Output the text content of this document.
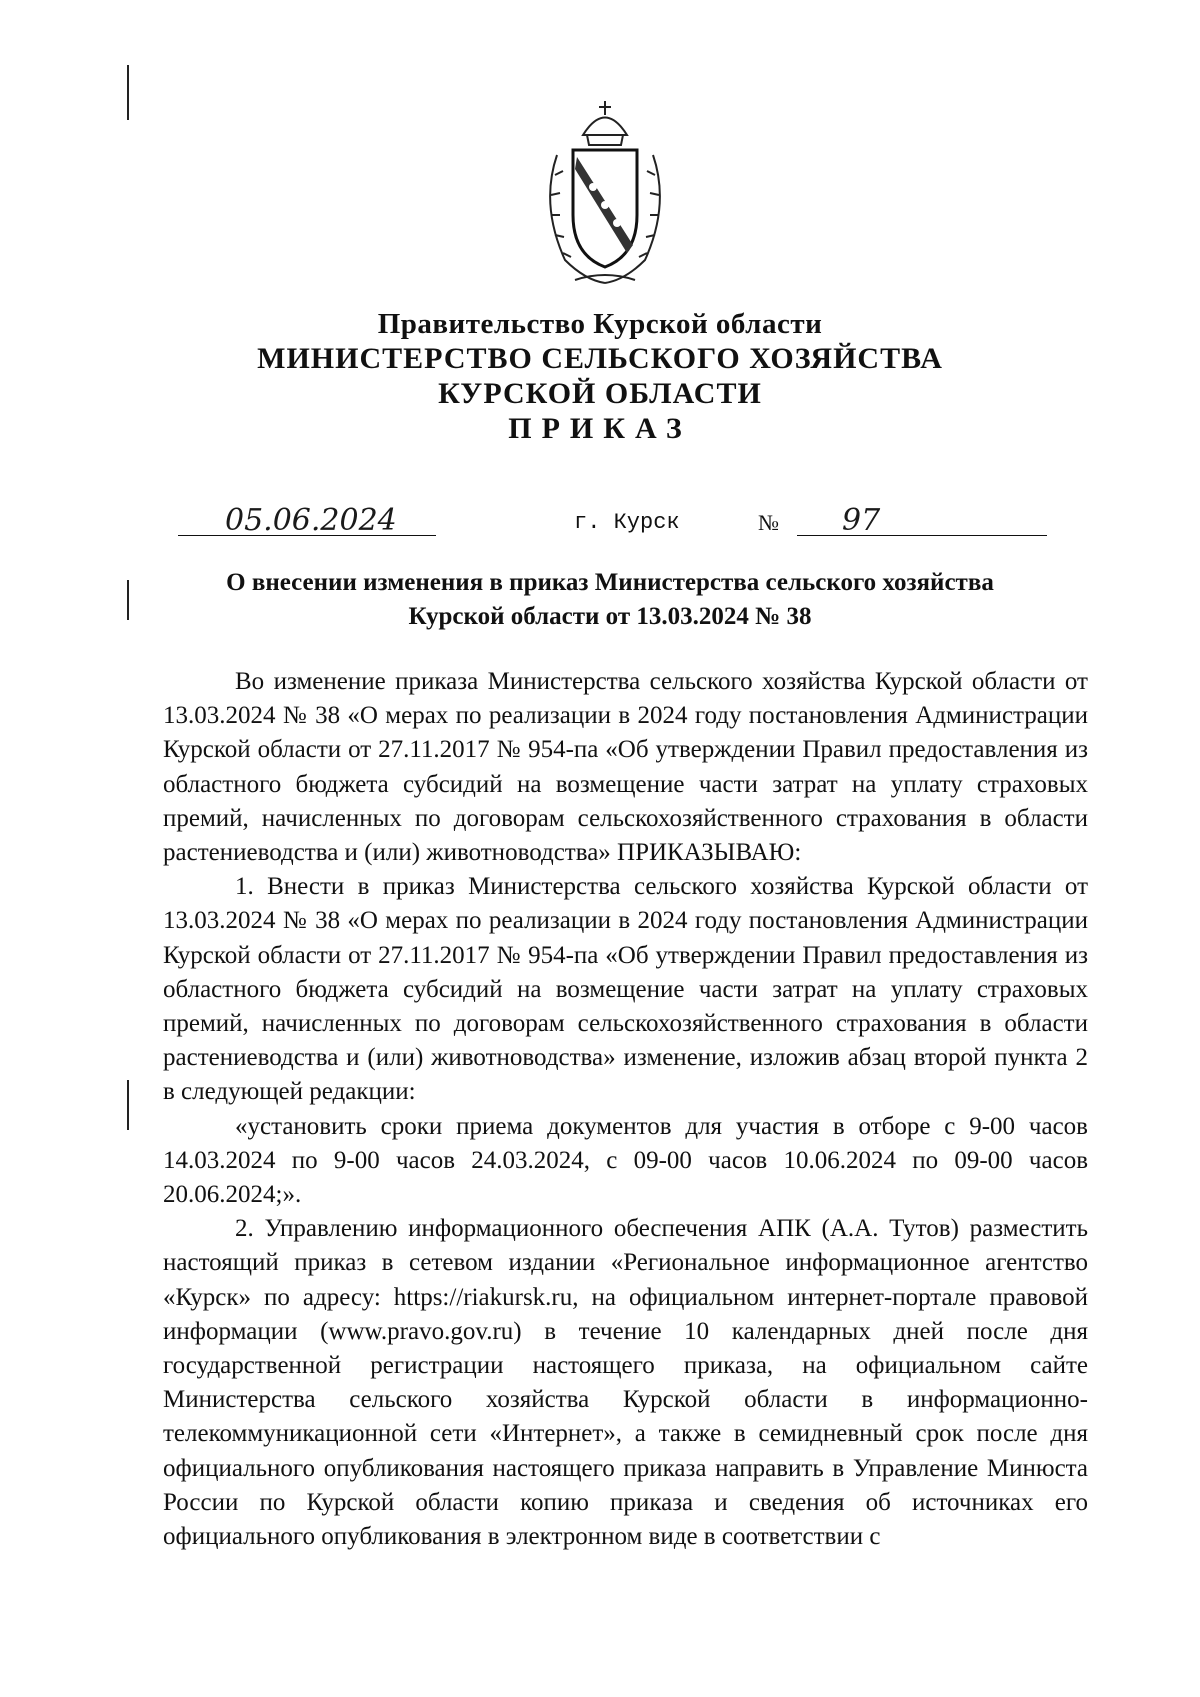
Правительство Курской области
МИНИСТЕРСТВО СЕЛЬСКОГО ХОЗЯЙСТВА
КУРСКОЙ ОБЛАСТИ
ПРИКАЗ
05.06.2024	г. Курск	№ 97
О внесении изменения в приказ Министерства сельского хозяйства
Курской области от 13.03.2024 № 38

Во изменение приказа Министерства сельского хозяйства Курской области от 13.03.2024 № 38 «О мерах по реализации в 2024 году постановления Администрации Курской области от 27.11.2017 № 954-па «Об утверждении Правил предоставления из областного бюджета субсидий на возмещение части затрат на уплату страховых премий, начисленных по договорам сельскохозяйственного страхования в области растениеводства и (или) животноводства» ПРИКАЗЫВАЮ:

1. Внести в приказ Министерства сельского хозяйства Курской области от 13.03.2024 № 38 «О мерах по реализации в 2024 году постановления Администрации Курской области от 27.11.2017 № 954-па «Об утверждении Правил предоставления из областного бюджета субсидий на возмещение части затрат на уплату страховых премий, начисленных по договорам сельскохозяйственного страхования в области растениеводства и (или) животноводства» изменение, изложив абзац второй пункта 2 в следующей редакции:

«установить сроки приема документов для участия в отборе с 9-00 часов 14.03.2024 по 9-00 часов 24.03.2024, с 09-00 часов 10.06.2024 по 09-00 часов 20.06.2024;».

2. Управлению информационного обеспечения АПК (А.А. Тутов) разместить настоящий приказ в сетевом издании «Региональное информационное агентство «Курск» по адресу: https://riakursk.ru, на официальном интернет-портале правовой информации (www.pravo.gov.ru) в течение 10 календарных дней после дня государственной регистрации настоящего приказа, на официальном сайте Министерства сельского хозяйства Курской области в информационно-телекоммуникационной сети «Интернет», а также в семидневный срок после дня официального опубликования настоящего приказа направить в Управление Минюста России по Курской области копию приказа и сведения об источниках его официального опубликования в электронном виде в соответствии с
